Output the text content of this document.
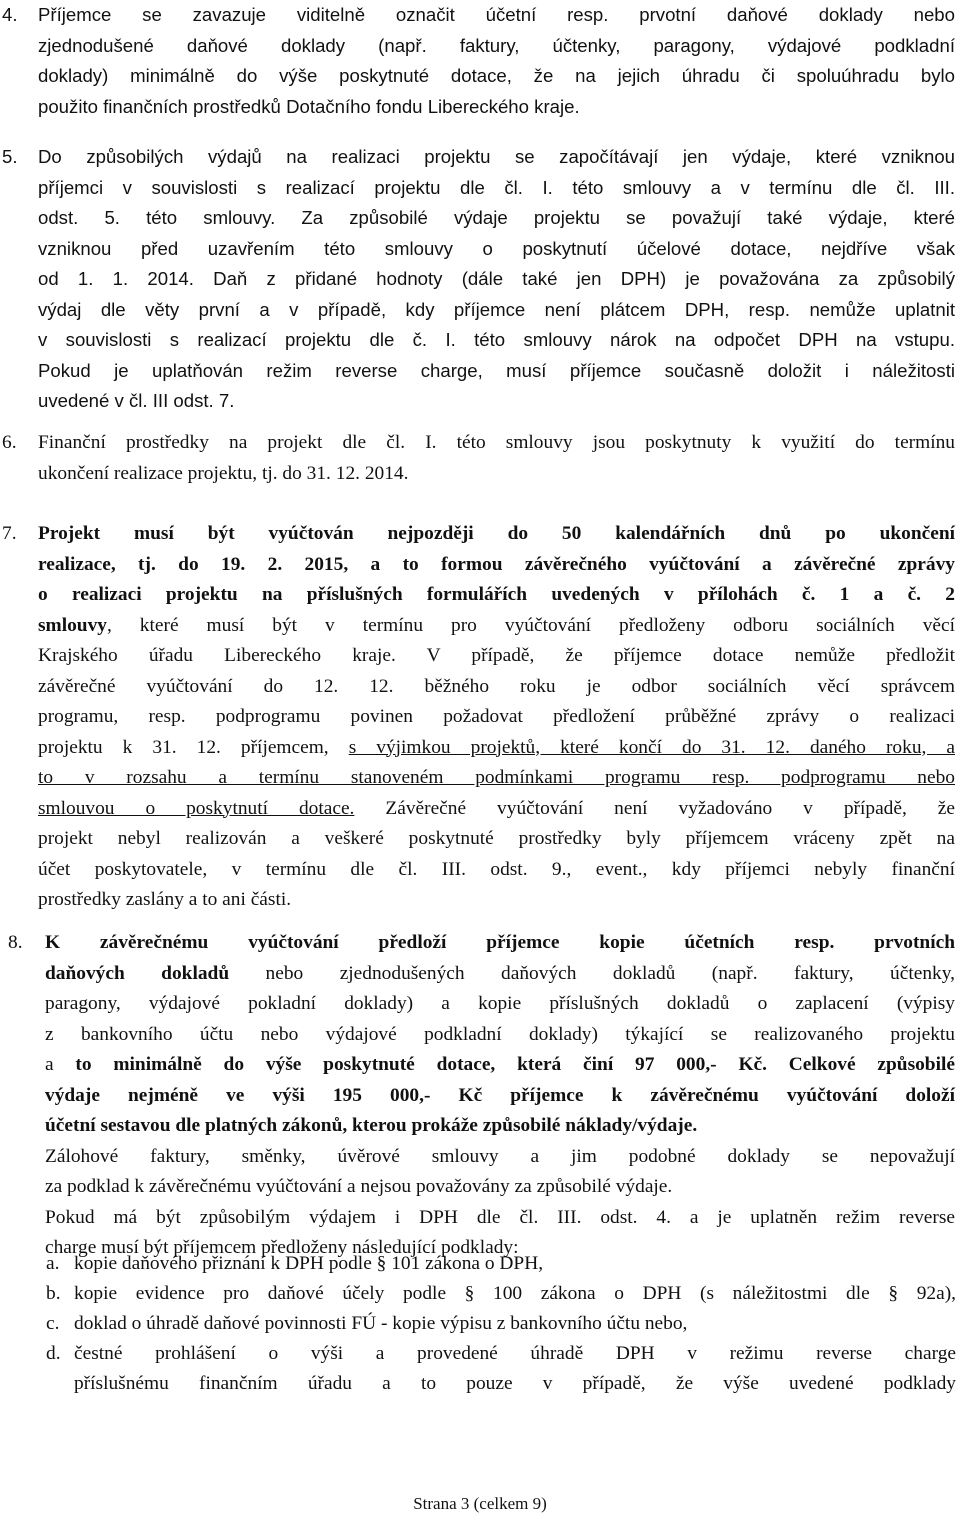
4. Příjemce se zavazuje viditelně označit účetní resp. prvotní daňové doklady nebo
zjednodušené daňové doklady (např. faktury, účtenky, paragony, výdajové podkladní
doklady) minimálně do výše poskytnuté dotace, že na jejich úhradu či spoluúhradu bylo
použito finančních prostředků Dotačního fondu Libereckého kraje.
5. Do způsobilých výdajů na realizaci projektu se započítávají jen výdaje, které vzniknou
příjemci v souvislosti s realizací projektu dle čl. I. této smlouvy a v termínu dle čl. III.
odst. 5. této smlouvy. Za způsobilé výdaje projektu se považují také výdaje, které
vzniknou před uzavřením této smlouvy o poskytnutí účelové dotace, nejdříve však
od 1. 1. 2014. Daň z přidané hodnoty (dále také jen DPH) je považována za způsobilý
výdaj dle věty první a v případě, kdy příjemce není plátcem DPH, resp. nemůže uplatnit
v souvislosti s realizací projektu dle č. I. této smlouvy nárok na odpočet DPH na vstupu.
Pokud je uplatňován režim reverse charge, musí příjemce současně doložit i náležitosti
uvedené v čl. III odst. 7.
6. Finanční prostředky na projekt dle čl. I. této smlouvy jsou poskytnuty k využití do termínu
ukončení realizace projektu, tj. do 31. 12. 2014.
7. Projekt musí být vyúčtován nejpozději do 50 kalendářních dnů po ukončení
realizace, tj. do 19. 2. 2015, a to formou závěrečného vyúčtování a závěrečné zprávy
o realizaci projektu na příslušných formulářích uvedených v přílohách č. 1 a č. 2
smlouvy, které musí být v termínu pro vyúčtování předloženy odboru sociálních věcí
Krajského úřadu Libereckého kraje. V případě, že příjemce dotace nemůže předložit
závěrečné vyúčtování do 12. 12. běžného roku je odbor sociálních věcí správcem
programu, resp. podprogramu povinen požadovat předložení průběžné zprávy o realizaci
projektu k 31. 12. příjemcem, s výjimkou projektů, které končí do 31. 12. daného roku, a
to v rozsahu a termínu stanoveném podmínkami programu resp. podprogramu nebo
smlouvou o poskytnutí dotace. Závěrečné vyúčtování není vyžadováno v případě, že
projekt nebyl realizován a veškeré poskytnuté prostředky byly příjemcem vráceny zpět na
účet poskytovatele, v termínu dle čl. III. odst. 9., event., kdy příjemci nebyly finanční
prostředky zaslány a to ani části.
8. K závěrečnému vyúčtování předloží příjemce kopie účetních resp. prvotních
daňových dokladů nebo zjednodušených daňových dokladů (např. faktury, účtenky,
paragony, výdajové pokladní doklady) a kopie příslušných dokladů o zaplacení (výpisy
z bankovního účtu nebo výdajové podkladní doklady) týkající se realizovaného projektu
a to minimálně do výše poskytnuté dotace, která činí 97 000,- Kč. Celkové způsobilé
výdaje nejméně ve výši 195 000,- Kč příjemce k závěrečnému vyúčtování doloží
účetní sestavou dle platných zákonů, kterou prokáže způsobilé náklady/výdaje.
Zálohové faktury, směnky, úvěrové smlouvy a jim podobné doklady se nepovažují
za podklad k závěrečnému vyúčtování a nejsou považovány za způsobilé výdaje.
Pokud má být způsobilým výdajem i DPH dle čl. III. odst. 4. a je uplatněn režim reverse
charge musí být příjemcem předloženy následující podklady:
a. kopie daňového přiznání k DPH podle § 101 zákona o DPH,
b. kopie evidence pro daňové účely podle § 100 zákona o DPH (s náležitostmi dle § 92a),
c. doklad o úhradě daňové povinnosti FÚ - kopie výpisu z bankovního účtu nebo,
d. čestné prohlášení o výši a provedené úhradě DPH v režimu reverse charge
příslušnému finančním úřadu a to pouze v případě, že výše uvedené podklady
Strana 3 (celkem 9)
